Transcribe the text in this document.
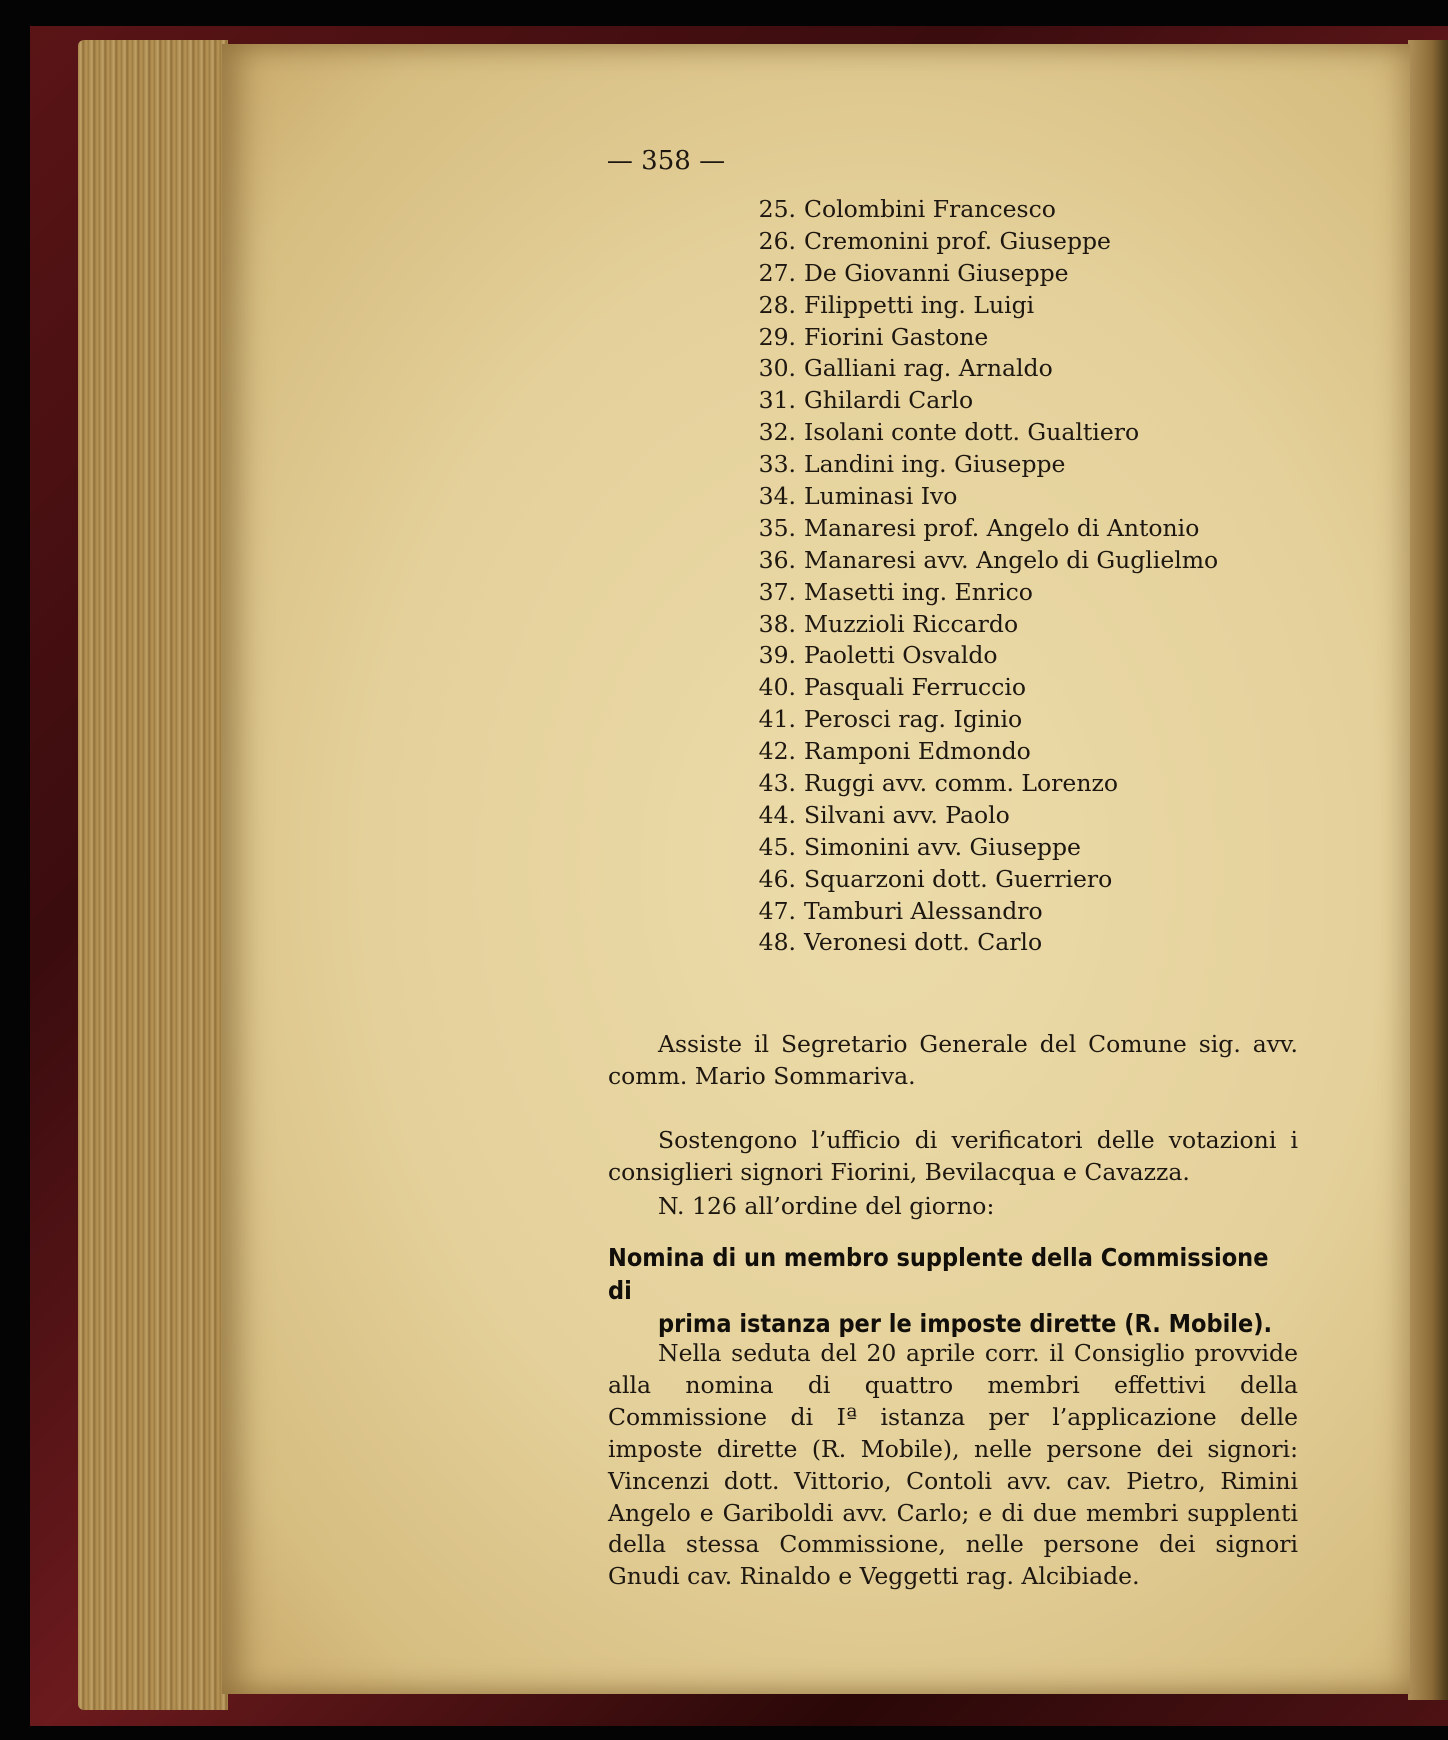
— 358 —
25. Colombini Francesco
26. Cremonini prof. Giuseppe
27. De Giovanni Giuseppe
28. Filippetti ing. Luigi
29. Fiorini Gastone
30. Galliani rag. Arnaldo
31. Ghilardi Carlo
32. Isolani conte dott. Gualtiero
33. Landini ing. Giuseppe
34. Luminasi Ivo
35. Manaresi prof. Angelo di Antonio
36. Manaresi avv. Angelo di Guglielmo
37. Masetti ing. Enrico
38. Muzzioli Riccardo
39. Paoletti Osvaldo
40. Pasquali Ferruccio
41. Perosci rag. Iginio
42. Ramponi Edmondo
43. Ruggi avv. comm. Lorenzo
44. Silvani avv. Paolo
45. Simonini avv. Giuseppe
46. Squarzoni dott. Guerriero
47. Tamburi Alessandro
48. Veronesi dott. Carlo

Assiste il Segretario Generale del Comune sig. avv. comm. Mario Sommariva.

Sostengono l’ufficio di verificatori delle votazioni i consiglieri signori Fiorini, Bevilacqua e Cavazza.

N. 126 all’ordine del giorno:

Nomina di un membro supplente della Commissione di
prima istanza per le imposte dirette (R. Mobile).

Nella seduta del 20 aprile corr. il Consiglio provvide alla nomina di quattro membri effettivi della Commissione di Iª istanza per l’applicazione delle imposte dirette (R. Mobile), nelle persone dei signori: Vincenzi dott. Vittorio, Contoli avv. cav. Pietro, Rimini Angelo e Gariboldi avv. Carlo; e di due membri supplenti della stessa Commissione, nelle persone dei signori Gnudi cav. Rinaldo e Veggetti rag. Alcibiade.
